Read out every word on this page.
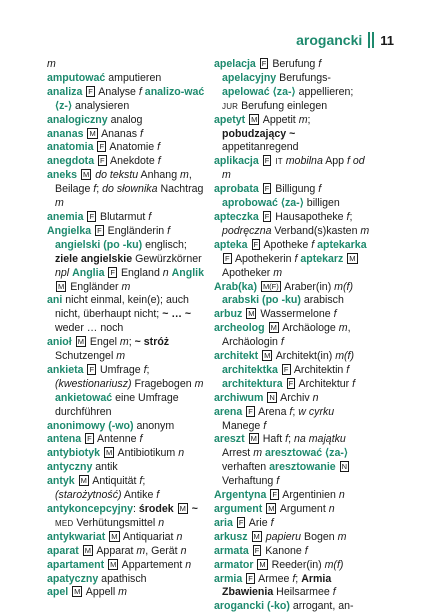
arogancki 11

m

amputować amputieren

analiza F Analyse f analizo-wać ⟨z-⟩ analysieren

analogiczny analog

ananas M Ananas f

anatomia F Anatomie f

anegdota F Anekdote f

aneks M do tekstu Anhang m, Beilage f; do słownika Nachtrag m

anemia F Blutarmut f

Angielka F Engländerin f angielski (po -ku) englisch; ziele angielskie Gewürzkörner npl Anglia F England n Anglik M Engländer m

ani nicht einmal, kein(e); auch nicht, überhaupt nicht; ~ … ~ weder … noch

anioł M Engel m; ~ stróż Schutzengel m

ankieta F Umfrage f; (kwestionariusz) Fragebogen m ankietować eine Umfrage durchführen

anonimowy (-wo) anonym

antena F Antenne f

antybiotyk M Antibiotikum n

antyczny antik

antyk M Antiquität f; (starożytność) Antike f

antykoncepcyjny: środek M ~ MED Verhütungsmittel n

antykwariat M Antiquariat n

aparat M Apparat m, Gerät n

apartament M Appartement n

apatyczny apathisch

apel M Appell m

apelacja F Berufung f apelacyjny Berufungs- apelować ⟨za-⟩ appellieren; JUR Berufung einlegen

apetyt M Appetit m; pobudzający ~ appetitanregend

aplikacja F IT mobilna App f od m

aprobata F Billigung f aprobować ⟨za-⟩ billigen

apteczka F Hausapotheke f; podręczna Verband(s)kasten m

apteka F Apotheke f aptekarka F Apothekerin f aptekarz M Apotheker m

Arab(ka) M(F) Araber(in) m(f) arabski (po -ku) arabisch

arbuz M Wassermelone f

archeolog M Archäologe m, Archäologin f

architekt M Architekt(in) m(f) architektka F Architektin f architektura F Architektur f

archiwum N Archiv n

arena F Arena f; w cyrku Manege f

areszt M Haft f; na majątku Arrest m aresztować ⟨za-⟩ verhaften aresztowanie N Verhaftung f

Argentyna F Argentinien n

argument M Argument n

aria F Arie f

arkusz M papieru Bogen m

armata F Kanone f

armator M Reeder(in) m(f)

armia F Armee f; Armia Zbawienia Heilsarmee f

arogancki (-ko) arrogant, an-
